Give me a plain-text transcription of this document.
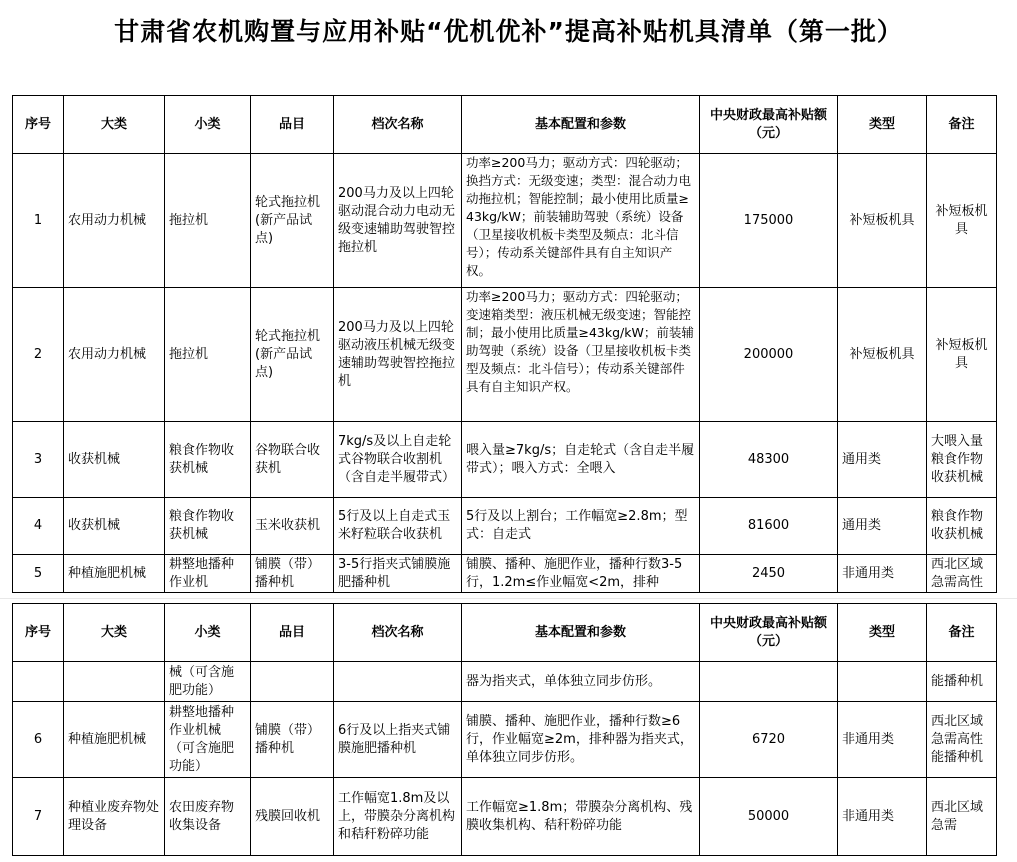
甘肃省农机购置与应用补贴“优机优补”提高补贴机具清单（第一批）
序号	大类	小类	品目	档次名称	基本配置和参数	中央财政最高补贴额（元）	类型	备注
1	农用动力机械	拖拉机	轮式拖拉机(新产品试点)	200马力及以上四轮驱动混合动力电动无级变速辅助驾驶智控拖拉机	功率≥200马力；驱动方式：四轮驱动；换挡方式：无级变速；类型：混合动力电动拖拉机；智能控制；最小使用比质量≥43kg/kW；前装辅助驾驶（系统）设备（卫星接收机板卡类型及频点：北斗信号）；传动系关键部件具有自主知识产权。	175000	补短板机具	补短板机具
2	农用动力机械	拖拉机	轮式拖拉机(新产品试点)	200马力及以上四轮驱动液压机械无级变速辅助驾驶智控拖拉机	功率≥200马力；驱动方式：四轮驱动；变速箱类型：液压机械无级变速；智能控制；最小使用比质量≥43kg/kW；前装辅助驾驶（系统）设备（卫星接收机板卡类型及频点：北斗信号）；传动系关键部件具有自主知识产权。	200000	补短板机具	补短板机具
3	收获机械	粮食作物收获机械	谷物联合收获机	7kg/s及以上自走轮式谷物联合收割机（含自走半履带式）	喂入量≥7kg/s；自走轮式（含自走半履带式）；喂入方式：全喂入	48300	通用类	大喂入量粮食作物收获机械
4	收获机械	粮食作物收获机械	玉米收获机	5行及以上自走式玉米籽粒联合收获机	5行及以上割台；工作幅宽≥2.8m；型式：自走式	81600	通用类	粮食作物收获机械
5	种植施肥机械	耕整地播种作业机	铺膜（带）播种机	3-5行指夹式铺膜施肥播种机	铺膜、播种、施肥作业，播种行数3-5行，1.2m≤作业幅宽<2m，排种	2450	非通用类	西北区域急需高性
序号	大类	小类	品目	档次名称	基本配置和参数	中央财政最高补贴额（元）	类型	备注
		械（可含施肥功能）			器为指夹式，单体独立同步仿形。			能播种机
6	种植施肥机械	耕整地播种作业机械（可含施肥功能）	铺膜（带）播种机	6行及以上指夹式铺膜施肥播种机	铺膜、播种、施肥作业，播种行数≥6行，作业幅宽≥2m，排种器为指夹式，单体独立同步仿形。	6720	非通用类	西北区域急需高性能播种机
7	种植业废弃物处理设备	农田废弃物收集设备	残膜回收机	工作幅宽1.8m及以上，带膜杂分离机构和秸秆粉碎功能	工作幅宽≥1.8m；带膜杂分离机构、残膜收集机构、秸秆粉碎功能	50000	非通用类	西北区域急需
